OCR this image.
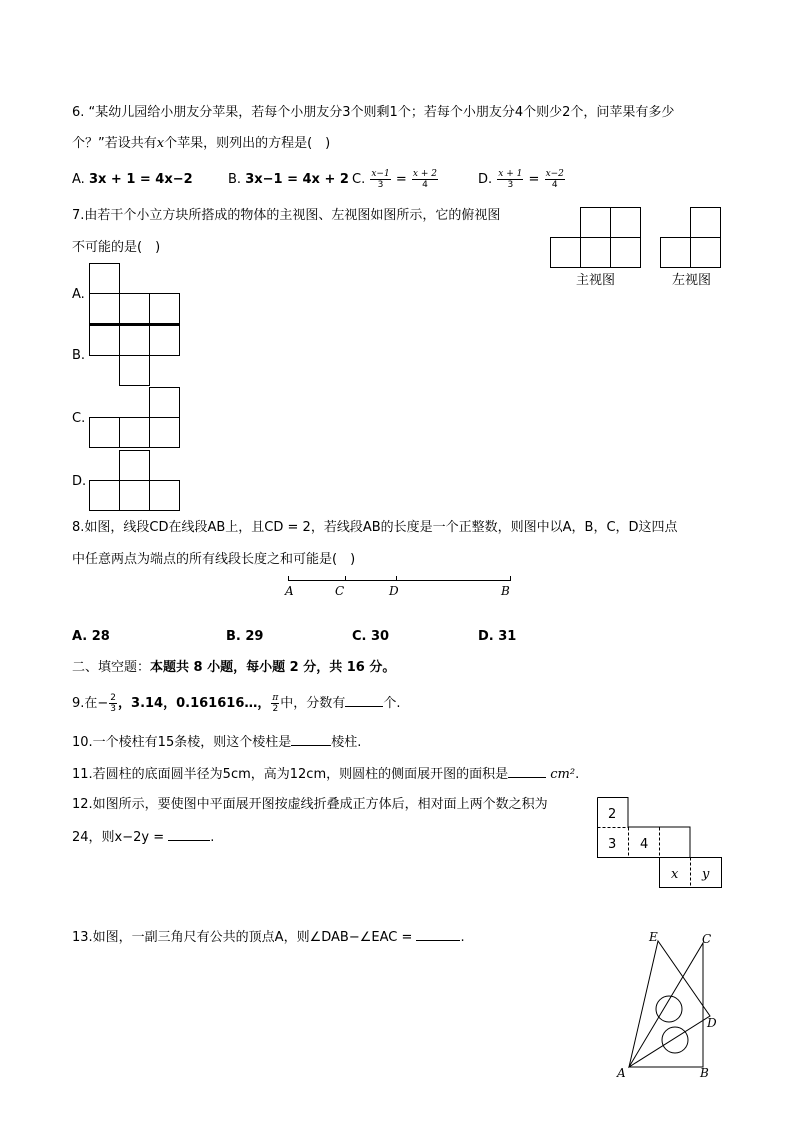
6. “某幼儿园给小朋友分苹果，若每个小朋友分3个则剩1个；若每个小朋友分4个则少2个，问苹果有多少
个？”若设共有x个苹果，则列出的方程是(　)
A. 3x + 1 = 4x−2	B. 3x−1 = 4x + 2 C. $\frac{x-1}{3} = \frac{x + 2}{4}$	D. $\frac{x + 1}{3} = \frac{x-2}{4}$
7.由若干个小立方块所搭成的物体的主视图、左视图如图所示，它的俯视图
不可能的是(　)
主视图	左视图
A.
B.
C.
D.
8.如图，线段CD在线段AB上，且CD = 2，若线段AB的长度是一个正整数，则图中以A，B，C，D这四点
中任意两点为端点的所有线段长度之和可能是(　)
A	C	D	B
A. 28	B. 29	C. 30	D. 31
二、填空题：本题共 8 小题，每小题 2 分，共 16 分。
9.在− $\frac{2}{3}$ ，3.14，0.161616…， $\frac{\pi}{2}$ 中，分数有	个.
10.一个棱柱有15条棱，则这个棱柱是	棱柱.
11.若圆柱的底面圆半径为5cm，高为12cm，则圆柱的侧面展开图的面积是	cm².
12.如图所示，要使图中平面展开图按虚线折叠成正方体后，相对面上两个数之积为
24，则x−2y =	.
2
3 4
x y
13.如图，一副三角尺有公共的顶点A，则∠DAB−∠EAC =	.	E	C
D
A	B
